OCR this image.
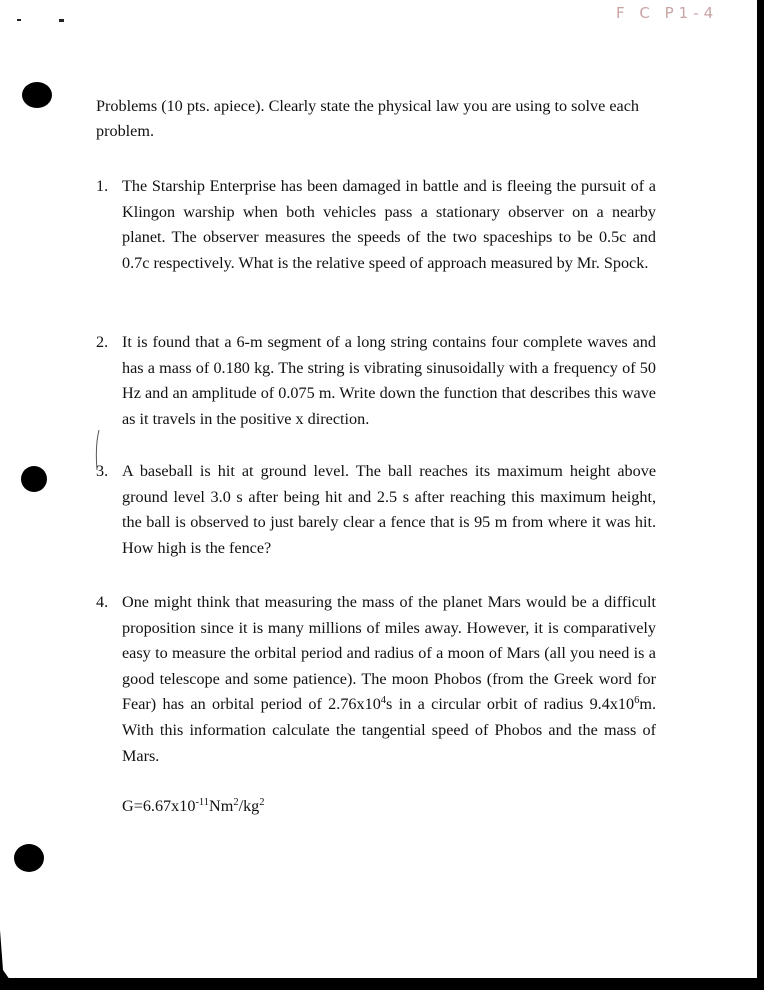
F C P1-4
Problems (10 pts. apiece). Clearly state the physical law you are using to solve each problem.
1. The Starship Enterprise has been damaged in battle and is fleeing the pursuit of a Klingon warship when both vehicles pass a stationary observer on a nearby planet. The observer measures the speeds of the two spaceships to be 0.5c and 0.7c respectively. What is the relative speed of approach measured by Mr. Spock.
2. It is found that a 6-m segment of a long string contains four complete waves and has a mass of 0.180 kg. The string is vibrating sinusoidally with a frequency of 50 Hz and an amplitude of 0.075 m. Write down the function that describes this wave as it travels in the positive x direction.
3. A baseball is hit at ground level. The ball reaches its maximum height above ground level 3.0 s after being hit and 2.5 s after reaching this maximum height, the ball is observed to just barely clear a fence that is 95 m from where it was hit. How high is the fence?
4. One might think that measuring the mass of the planet Mars would be a difficult proposition since it is many millions of miles away. However, it is comparatively easy to measure the orbital period and radius of a moon of Mars (all you need is a good telescope and some patience). The moon Phobos (from the Greek word for Fear) has an orbital period of $2.76x10^4s$ in a circular orbit of radius $9.4x10^6m$. With this information calculate the tangential speed of Phobos and the mass of Mars.
$G=6.67x10^{-11}Nm^2/kg^2$
